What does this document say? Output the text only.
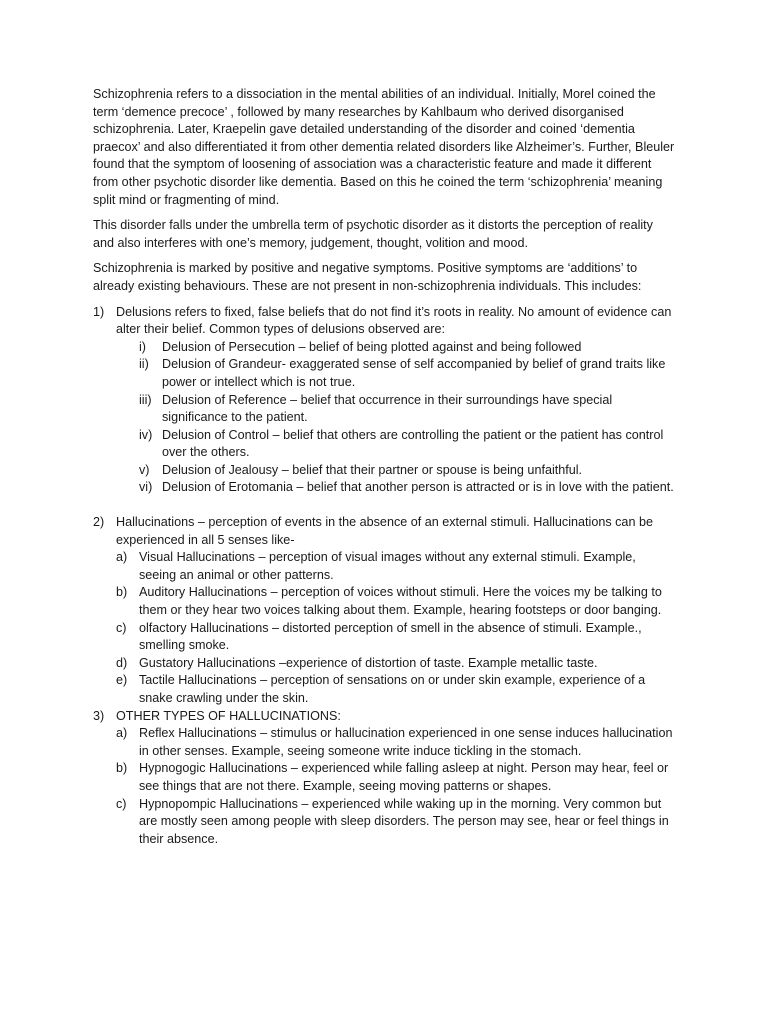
Schizophrenia refers to a dissociation in the mental abilities of an individual. Initially, Morel coined the term ‘demence precoce’ , followed by many researches by Kahlbaum who derived disorganised schizophrenia. Later, Kraepelin gave detailed understanding of the disorder and coined ‘dementia praecox’ and also differentiated it from other dementia related disorders like Alzheimer’s. Further, Bleuler found that the symptom of loosening of association was a characteristic feature and made it different from other psychotic disorder like dementia. Based on this he coined the term ‘schizophrenia’ meaning split mind or fragmenting of mind.

This disorder falls under the umbrella term of psychotic disorder as it distorts the perception of reality and also interferes with one’s memory, judgement, thought, volition and mood.

Schizophrenia is marked by positive and negative symptoms. Positive symptoms are ‘additions’ to already existing behaviours. These are not present in non-schizophrenia individuals. This includes:

1) Delusions refers to fixed, false beliefs that do not find it’s roots in reality. No amount of evidence can alter their belief. Common types of delusions observed are:
i)	Delusion of Persecution – belief of being plotted against and being followed
ii)	Delusion of Grandeur- exaggerated sense of self accompanied by belief of grand traits like power or intellect which is not true.
iii) Delusion of Reference – belief that occurrence in their surroundings have special significance to the patient.
iv) Delusion of Control – belief that others are controlling the patient or the patient has control over the others.
v) Delusion of Jealousy – belief that their partner or spouse is being unfaithful.
vi) Delusion of Erotomania – belief that another person is attracted or is in love with the patient.
2) Hallucinations – perception of events in the absence of an external stimuli. Hallucinations can be experienced in all 5 senses like-
a) Visual Hallucinations – perception of visual images without any external stimuli. Example, seeing an animal or other patterns.
b) Auditory Hallucinations – perception of voices without stimuli. Here the voices my be talking to them or they hear two voices talking about them. Example, hearing footsteps or door banging.
c) olfactory Hallucinations – distorted perception of smell in the absence of stimuli. Example., smelling smoke.
d) Gustatory Hallucinations –experience of distortion of taste. Example metallic taste.
e) Tactile Hallucinations – perception of sensations on or under skin example, experience of a snake crawling under the skin.
3) OTHER TYPES OF HALLUCINATIONS:
a) Reflex Hallucinations – stimulus or hallucination experienced in one sense induces hallucination in other senses. Example, seeing someone write induce tickling in the stomach.
b) Hypnogogic Hallucinations – experienced while falling asleep at night. Person may hear, feel or see things that are not there. Example, seeing moving patterns or shapes.
c) Hypnopompic Hallucinations – experienced while waking up in the morning. Very common but are mostly seen among people with sleep disorders. The person may see, hear or feel things in their absence.
